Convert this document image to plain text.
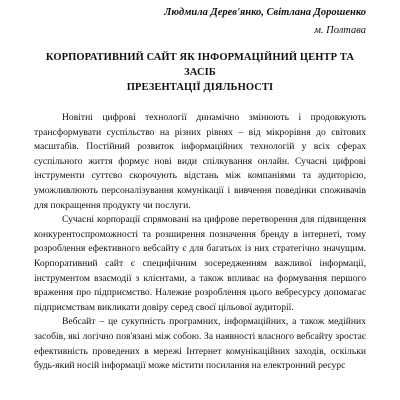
Людмила Дерев'янко, Світлана Дорошенко
м. Полтава
КОРПОРАТИВНИЙ САЙТ ЯК ІНФОРМАЦІЙНИЙ ЦЕНТР ТА ЗАСІБ
ПРЕЗЕНТАЦІЇ ДІЯЛЬНОСТІ

Новітні цифрові технології динамічно змінюють і продовжують трансформувати суспільство на різних рівнях – від мікрорівня до світових масштабів. Постійний розвиток інформаційних технологій у всіх сферах суспільного життя формує нові види спілкування онлайн. Сучасні цифрові інструменти суттєво скорочують відстань між компаніями та аудиторією, уможливлюють персоналізування комунікації і вивчення поведінки споживачів для покращення продукту чи послуги.

Сучасні корпорації спрямовані на цифрове перетворення для підвищення конкурентоспроможності та розширення позначення бренду в інтернеті, тому розроблення ефективного вебсайту є для багатьох із них стратегічно значущим. Корпоративний сайт є специфічним зосередженням важливої інформації, інструментом взаємодії з клієнтами, а також впливає на формування першого враження про підприємство. Належне розроблення цього вебресурсу допомагає підприємствам викликати довіру серед своєї цільової аудиторії.

Вебсайт – це сукупність програмних, інформаційних, а також медійних засобів, які логічно пов'язані між собою. За наявності власного вебсайту зростає ефективність проведених в мережі Інтернет комунікаційних заходів, оскільки будь-який носій інформації може містити посилання на електронний ресурс
